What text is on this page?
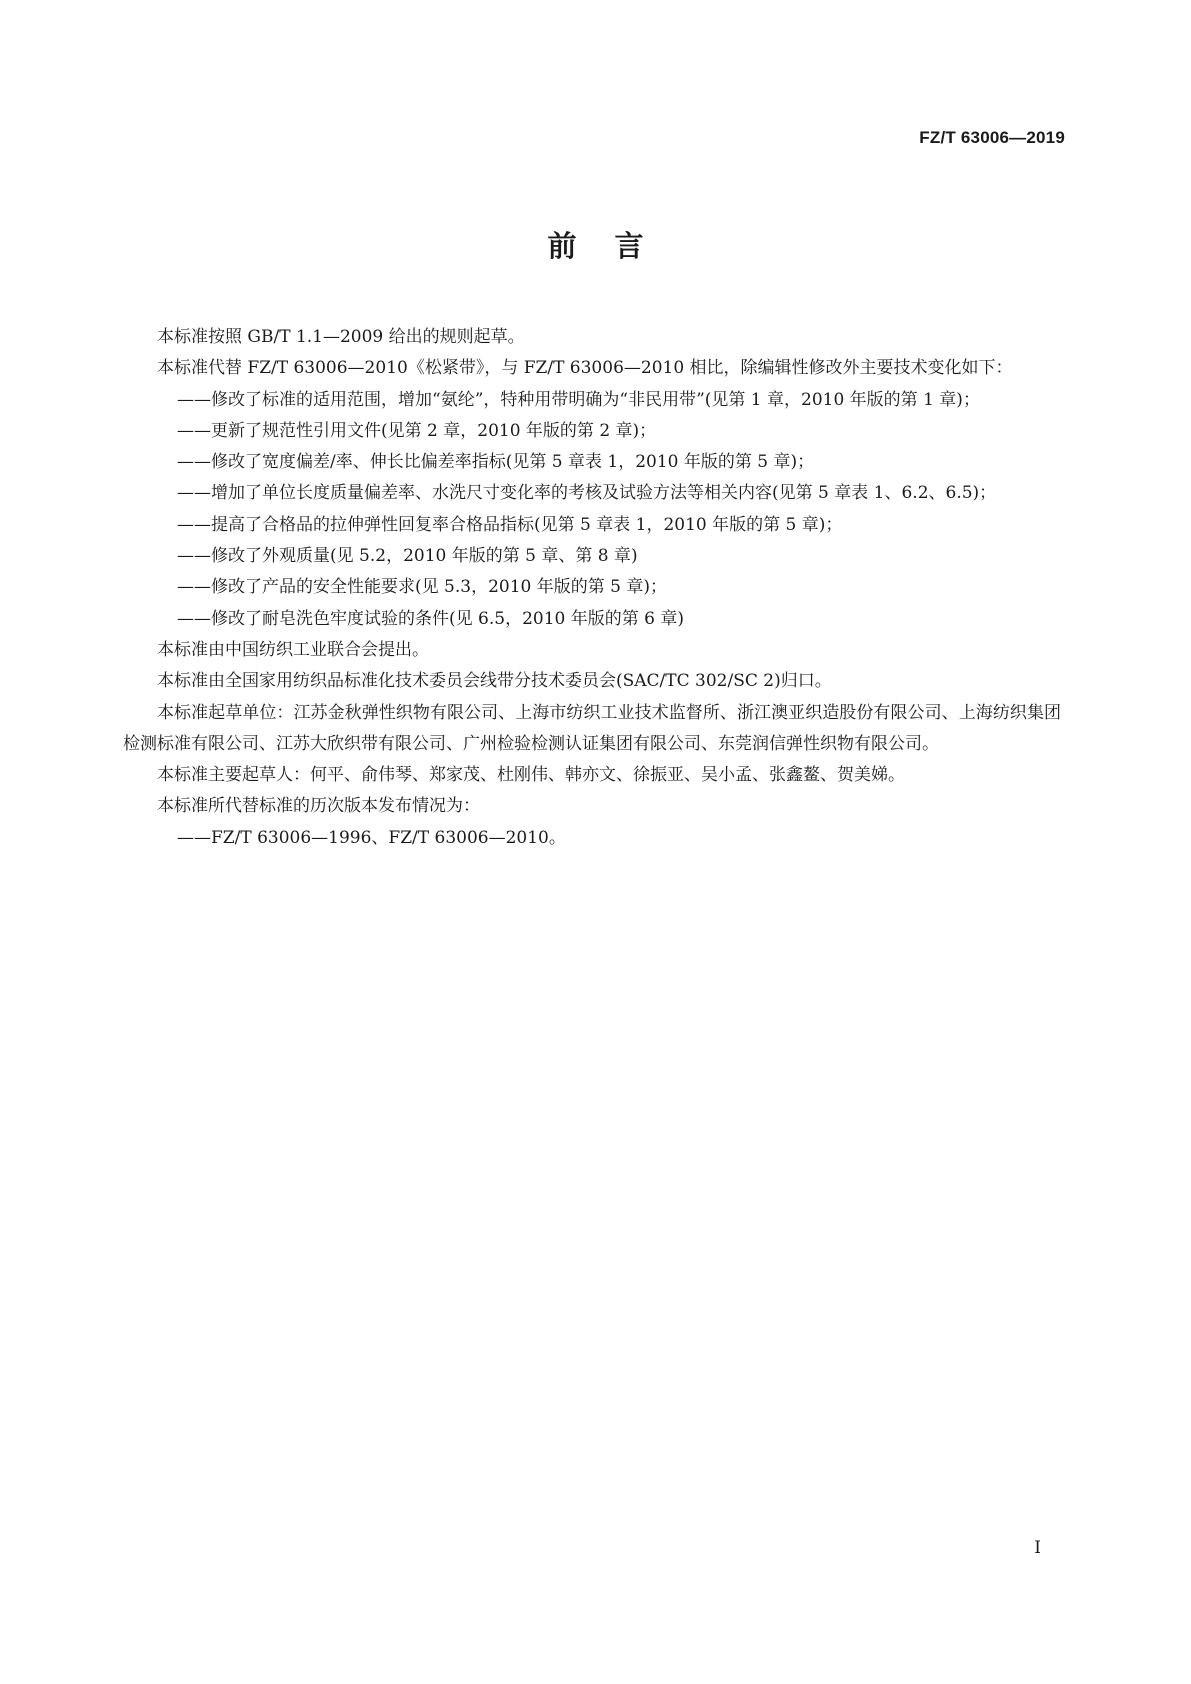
FZ/T 63006—2019
前言

本标准按照 GB/T 1.1—2009 给出的规则起草。

本标准代替 FZ/T 63006—2010《松紧带》，与 FZ/T 63006—2010 相比，除编辑性修改外主要技术变化如下：

——修改了标准的适用范围，增加“氨纶”，特种用带明确为“非民用带”(见第 1 章，2010 年版的第 1 章)；

——更新了规范性引用文件(见第 2 章，2010 年版的第 2 章)；

——修改了宽度偏差/率、伸长比偏差率指标(见第 5 章表 1，2010 年版的第 5 章)；

——增加了单位长度质量偏差率、水洗尺寸变化率的考核及试验方法等相关内容(见第 5 章表 1、6.2、6.5)；

——提高了合格品的拉伸弹性回复率合格品指标(见第 5 章表 1，2010 年版的第 5 章)；

——修改了外观质量(见 5.2，2010 年版的第 5 章、第 8 章)

——修改了产品的安全性能要求(见 5.3，2010 年版的第 5 章)；

——修改了耐皂洗色牢度试验的条件(见 6.5，2010 年版的第 6 章)

本标准由中国纺织工业联合会提出。

本标准由全国家用纺织品标准化技术委员会线带分技术委员会(SAC/TC 302/SC 2)归口。

本标准起草单位：江苏金秋弹性织物有限公司、上海市纺织工业技术监督所、浙江澳亚织造股份有限公司、上海纺织集团检测标准有限公司、江苏大欣织带有限公司、广州检验检测认证集团有限公司、东莞润信弹性织物有限公司。

本标准主要起草人：何平、俞伟琴、郑家茂、杜刚伟、韩亦文、徐振亚、吴小孟、张鑫鳌、贺美娣。

本标准所代替标准的历次版本发布情况为：

——FZ/T 63006—1996、FZ/T 63006—2010。

I
